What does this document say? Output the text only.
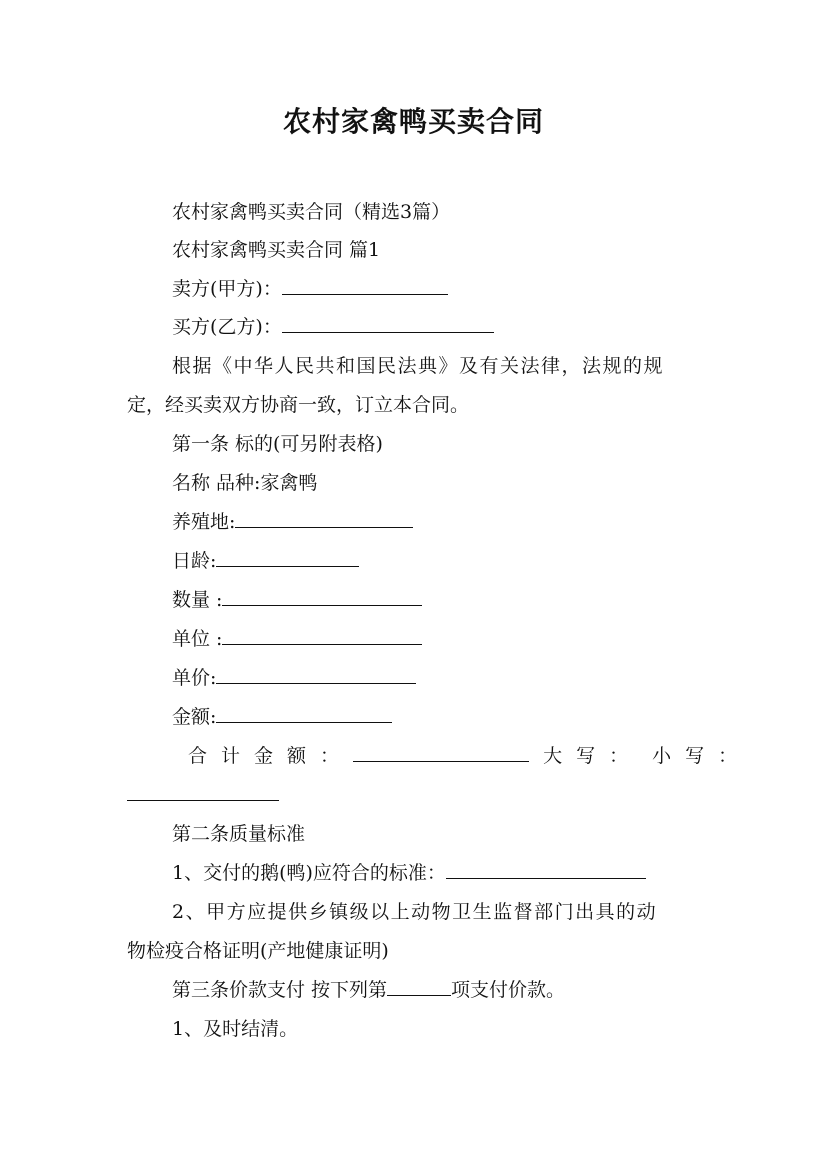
农村家禽鸭买卖合同
农村家禽鸭买卖合同（精选3篇）
农村家禽鸭买卖合同 篇1
卖方(甲方)：
买方(乙方)：
根据《中华人民共和国民法典》及有关法律，法规的规
定，经买卖双方协商一致，订立本合同。
第一条 标的(可另附表格)
名称 品种:家禽鸭
养殖地:
日龄:
数量 :
单位 :
单价:
金额:
合计金额：	大写： 小写：
第二条质量标准
1、交付的鹅(鸭)应符合的标准：
2、甲方应提供乡镇级以上动物卫生监督部门出具的动
物检疫合格证明(产地健康证明)
第三条价款支付 按下列第	项支付价款。
1、及时结清。
